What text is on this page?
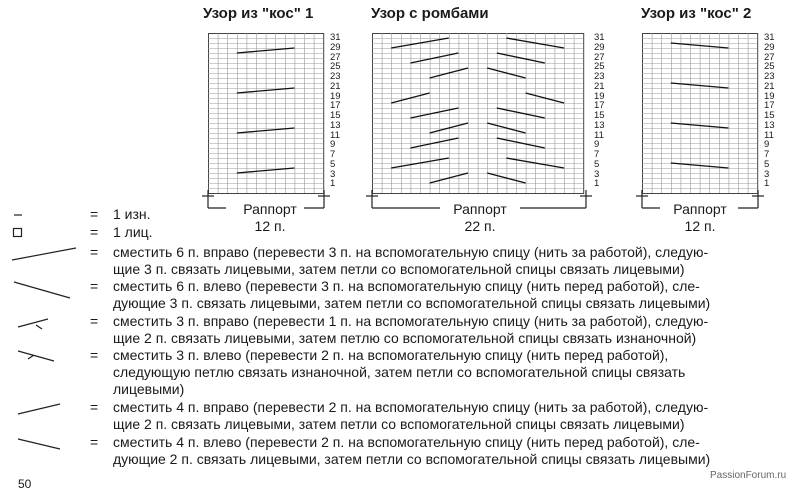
Узор из "кос" 1
31
29
27
25
23
21
19
17
15
13
11
9
7
5
3
1
Раппорт
12 п.
Узор с ромбами
31
29
27
25
23
21
19
17
15
13
11
9
7
5
3
1
Раппорт
22 п.
Узор из "кос" 2
31
29
27
25
23
21
19
17
15
13
11
9
7
5
3
1
Раппорт
12 п.
= 1 изн.
= 1 лиц.
= сместить 6 п. вправо (перевести 3 п. на вспомогательную спицу (нить за работой), следую-
щие 3 п. связать лицевыми, затем петли со вспомогательной спицы связать лицевыми)
= сместить 6 п. влево (перевести 3 п. на вспомогательную спицу (нить перед работой), сле-
дующие 3 п. связать лицевыми, затем петли со вспомогательной спицы связать лицевыми)
= сместить 3 п. вправо (перевести 1 п. на вспомогательную спицу (нить за работой), следую-
щие 2 п. связать лицевыми, затем петлю со вспомогательной спицы связать изнаночной)
= сместить 3 п. влево (перевести 2 п. на вспомогательную спицу (нить перед работой),
следующую петлю связать изнаночной, затем петли со вспомогательной спицы связать
лицевыми)
= сместить 4 п. вправо (перевести 2 п. на вспомогательную спицу (нить за работой), следую-
щие 2 п. связать лицевыми, затем петли со вспомогательной спицы связать лицевыми)
= сместить 4 п. влево (перевести 2 п. на вспомогательную спицу (нить перед работой), сле-
дующие 2 п. связать лицевыми, затем петли со вспомогательной спицы связать лицевыми)
50
PassionForum.ru
